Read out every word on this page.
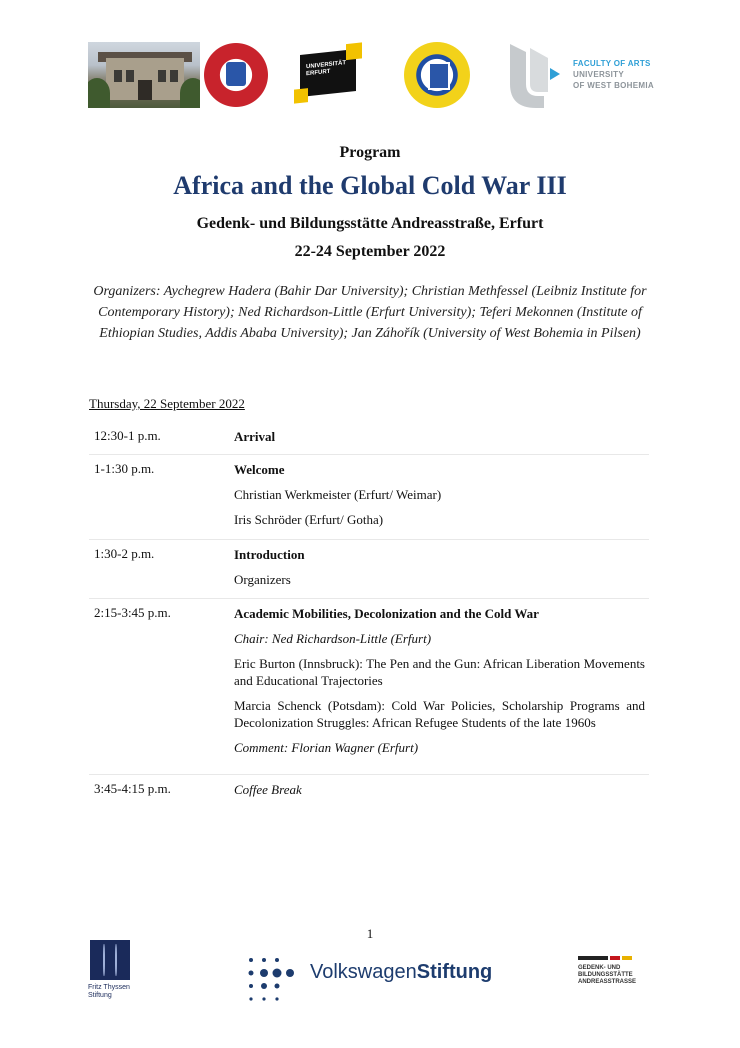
UNIVERSITÄT
ERFURT
FACULTY OF ARTS
UNIVERSITY
OF WEST BOHEMIA
Program
Africa and the Global Cold War III
Gedenk- und Bildungsstätte Andreasstraße, Erfurt
22-24 September 2022
Organizers: Aychegrew Hadera (Bahir Dar University); Christian Methfessel (Leibniz Institute for Contemporary History); Ned Richardson-Little (Erfurt University); Teferi Mekonnen (Institute of Ethiopian Studies, Addis Ababa University); Jan Záhořík (University of West Bohemia in Pilsen)
Thursday, 22 September 2022
12:30-1 p.m.	Arrival
1-1:30 p.m.	Welcome
Christian Werkmeister (Erfurt/ Weimar)
Iris Schröder (Erfurt/ Gotha)
1:30-2 p.m.	Introduction
Organizers
2:15-3:45 p.m.	Academic Mobilities, Decolonization and the Cold War
Chair: Ned Richardson-Little (Erfurt)
Eric Burton (Innsbruck): The Pen and the Gun: African Liberation Movements and Educational Trajectories
Marcia Schenck (Potsdam): Cold War Policies, Scholarship Programs and Decolonization Struggles: African Refugee Students of the late 1960s
Comment: Florian Wagner (Erfurt)
3:45-4:15 p.m.	Coffee Break
1
Fritz Thyssen
Stiftung
VolkswagenStiftung	GEDENK- UND
BILDUNGSSTÄTTE
ANDREASSTRASSE
